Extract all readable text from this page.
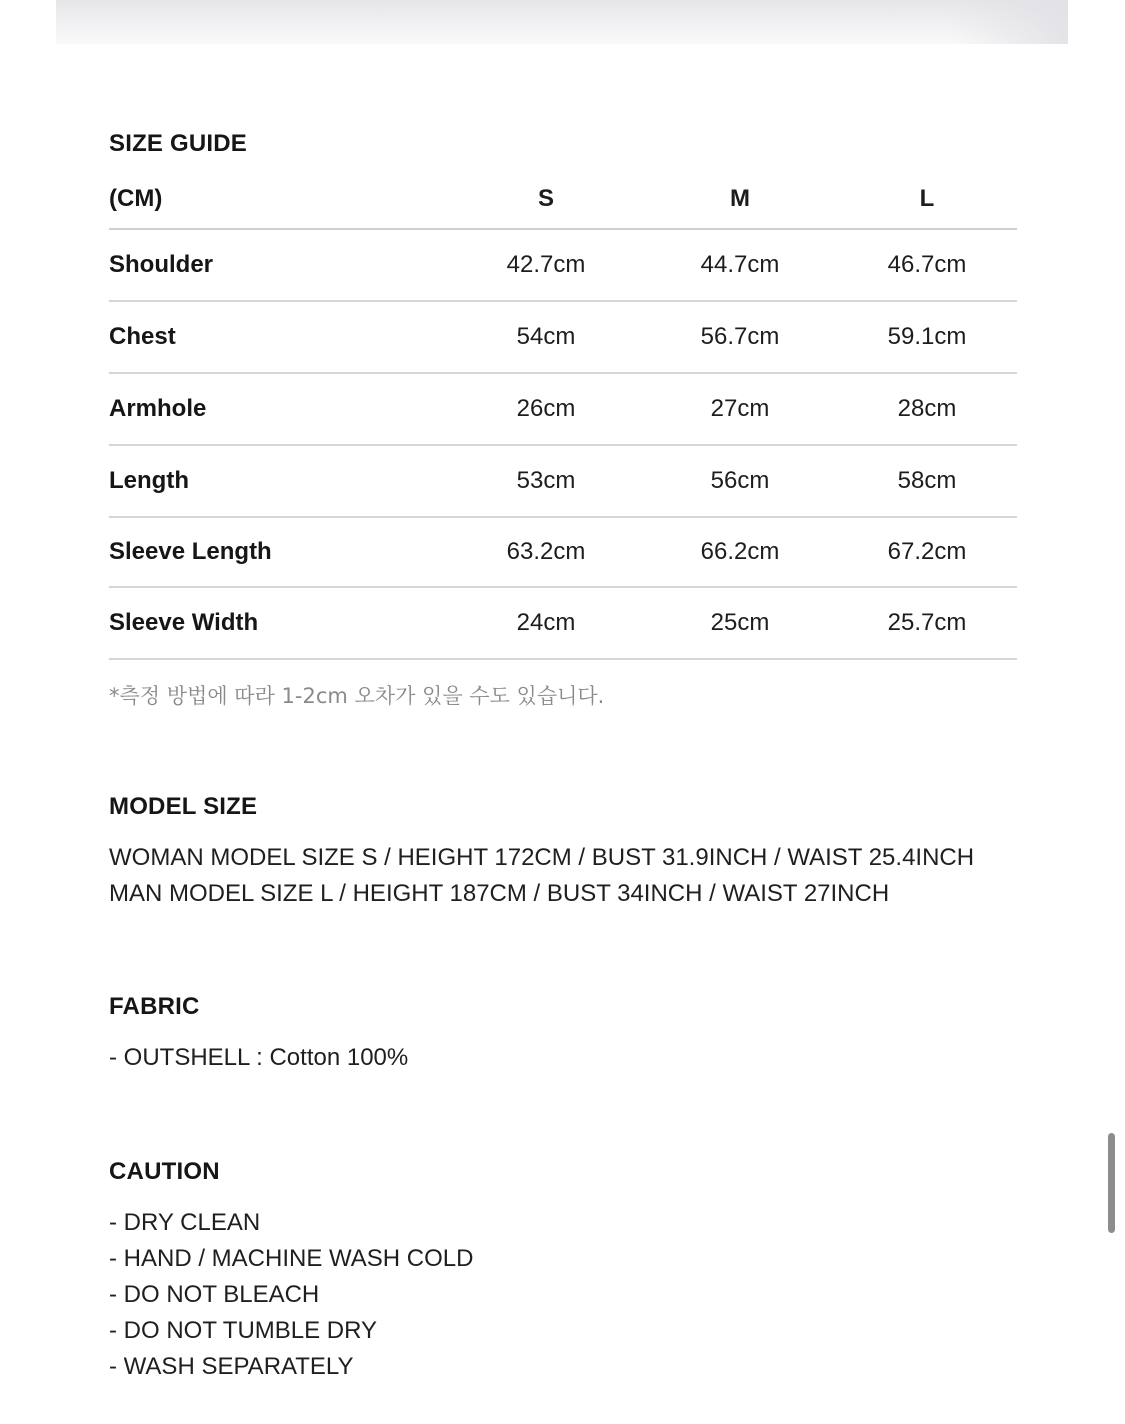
SIZE GUIDE
(CM)	S	M	L
Shoulder	42.7cm	44.7cm	46.7cm
Chest	54cm	56.7cm	59.1cm
Armhole	26cm	27cm	28cm
Length	53cm	56cm	58cm
Sleeve Length	63.2cm	66.2cm	67.2cm
Sleeve Width	24cm	25cm	25.7cm
*측정 방법에 따라 1-2cm 오차가 있을 수도 있습니다.
MODEL SIZE
WOMAN MODEL SIZE S / HEIGHT 172CM / BUST 31.9INCH / WAIST 25.4INCH
MAN MODEL SIZE L / HEIGHT 187CM / BUST 34INCH / WAIST 27INCH
FABRIC
- OUTSHELL : Cotton 100%
CAUTION
- DRY CLEAN
- HAND / MACHINE WASH COLD
- DO NOT BLEACH
- DO NOT TUMBLE DRY
- WASH SEPARATELY
